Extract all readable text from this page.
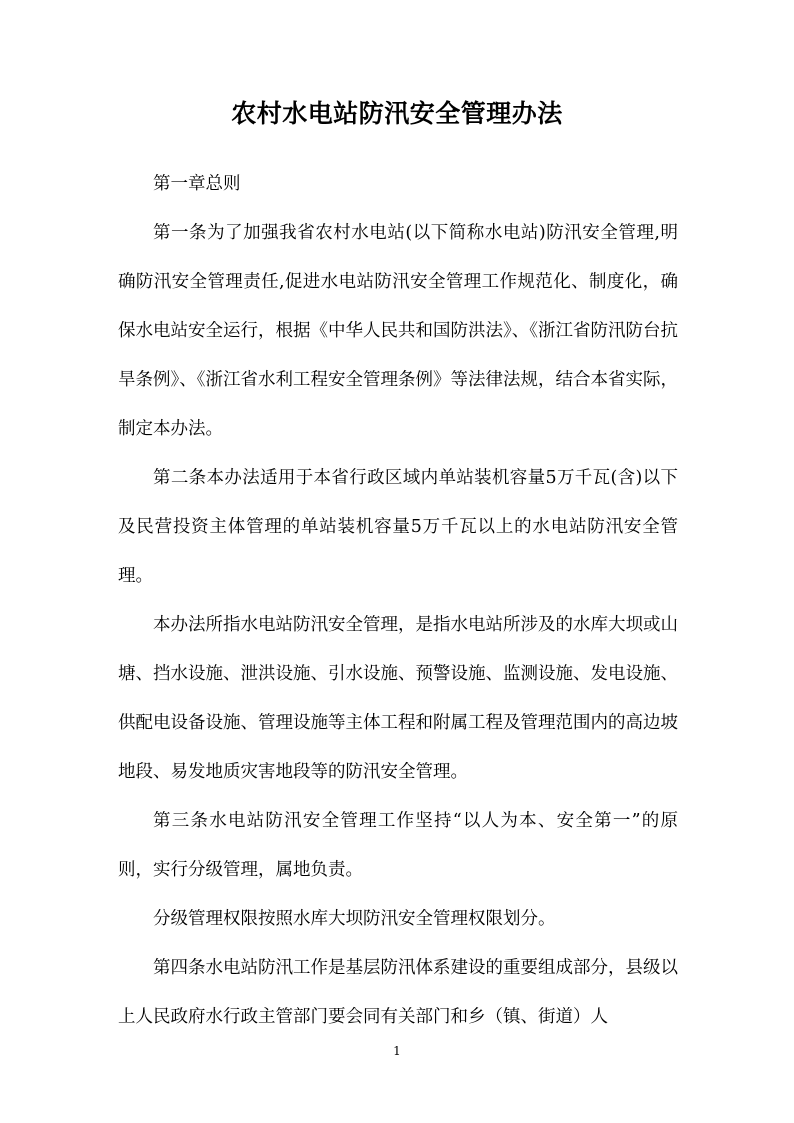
农村水电站防汛安全管理办法

第一章总则

第一条为了加强我省农村水电站(以下简称水电站)防汛安全管理,明确防汛安全管理责任,促进水电站防汛安全管理工作规范化、制度化，确保水电站安全运行，根据《中华人民共和国防洪法》、《浙江省防汛防台抗旱条例》、《浙江省水利工程安全管理条例》等法律法规，结合本省实际，制定本办法。

第二条本办法适用于本省行政区域内单站装机容量5万千瓦(含)以下及民营投资主体管理的单站装机容量5万千瓦以上的水电站防汛安全管理。

本办法所指水电站防汛安全管理，是指水电站所涉及的水库大坝或山塘、挡水设施、泄洪设施、引水设施、预警设施、监测设施、发电设施、供配电设备设施、管理设施等主体工程和附属工程及管理范围内的高边坡地段、易发地质灾害地段等的防汛安全管理。

第三条水电站防汛安全管理工作坚持“以人为本、安全第一”的原则，实行分级管理，属地负责。

分级管理权限按照水库大坝防汛安全管理权限划分。

第四条水电站防汛工作是基层防汛体系建设的重要组成部分，县级以上人民政府水行政主管部门要会同有关部门和乡（镇、街道）人

1
